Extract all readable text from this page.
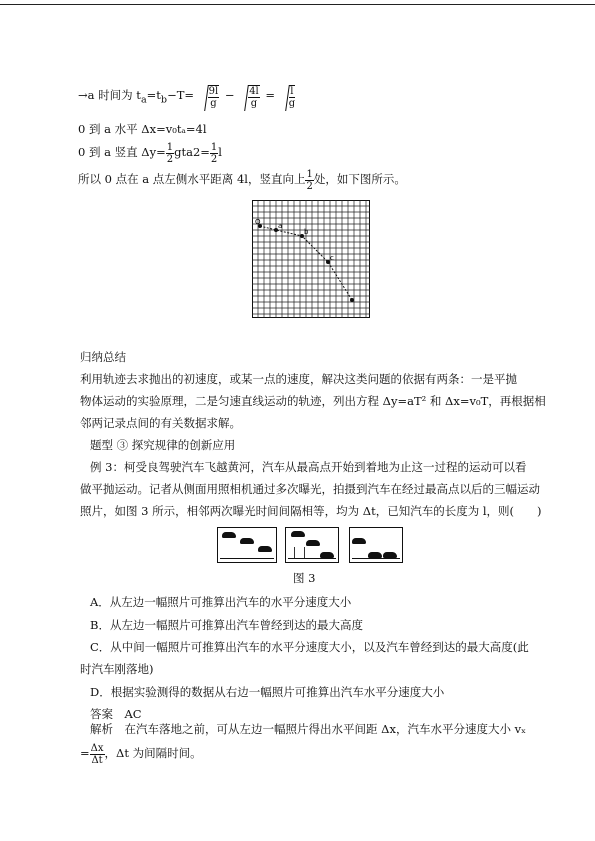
→a 时间为 $t_a=t_b-T= \frac{9l}{g} - \frac{4l}{g} = \frac{l}{g}$
0 到 a 水平 Δx=v₀tₐ=4l
0 到 a 竖直 $\Delta y= \frac{1}{2} gta2= \frac{1}{2}$ l
所以 0 点在 a 点左侧水平距离 4l，竖直向上 $\frac{1}{2}$ 处，如下图所示。
O a
b
c
归纳总结
利用轨迹去求抛出的初速度，或某一点的速度，解决这类问题的依据有两条：一是平抛
物体运动的实验原理，二是匀速直线运动的轨迹，列出方程 Δy=aT² 和 Δx=v₀T，再根据相
邻两记录点间的有关数据求解。
题型 ③ 探究规律的创新应用
例 3：柯受良驾驶汽车飞越黄河，汽车从最高点开始到着地为止这一过程的运动可以看
做平抛运动。记者从侧面用照相机通过多次曝光，拍摄到汽车在经过最高点以后的三幅运动
照片，如图 3 所示，相邻两次曝光时间间隔相等，均为 Δt，已知汽车的长度为 l，则(　　)
图 3
A．从左边一幅照片可推算出汽车的水平分速度大小
B．从左边一幅照片可推算出汽车曾经到达的最大高度
C．从中间一幅照片可推算出汽车的水平分速度大小，以及汽车曾经到达的最大高度(此
时汽车刚落地)
D．根据实验测得的数据从右边一幅照片可推算出汽车水平分速度大小
答案　AC
解析　在汽车落地之前，可从左边一幅照片得出水平间距 Δx，汽车水平分速度大小 vₓ
= $\frac{\Delta x}{\Delta t}$ ，Δt 为间隔时间。
